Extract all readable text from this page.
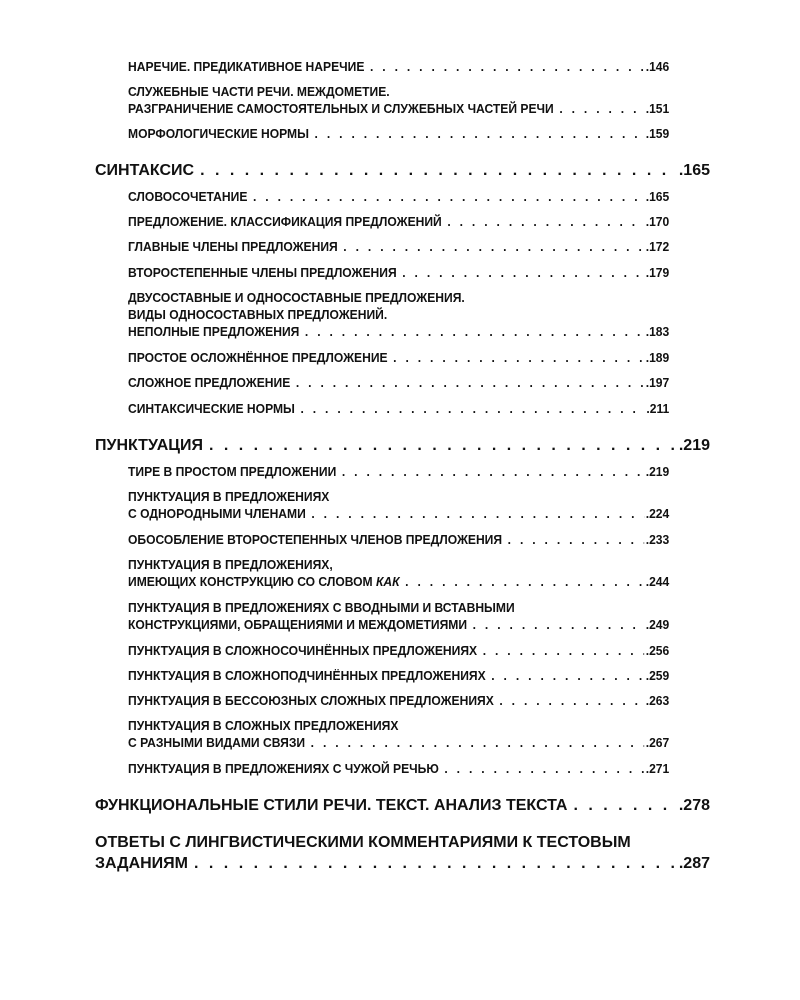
НАРЕЧИЕ. ПРЕДИКАТИВНОЕ НАРЕЧИЕ . . .	.146
СЛУЖЕБНЫЕ ЧАСТИ РЕЧИ. МЕЖДОМЕТИЕ.
РАЗГРАНИЧЕНИЕ САМОСТОЯТЕЛЬНЫХ И СЛУЖЕБНЫХ ЧАСТЕЙ РЕЧИ . . .	.151
МОРФОЛОГИЧЕСКИЕ НОРМЫ . . .	.159
СИНТАКСИС . . .	.165
СЛОВОСОЧЕТАНИЕ . . .	.165
ПРЕДЛОЖЕНИЕ. КЛАССИФИКАЦИЯ ПРЕДЛОЖЕНИЙ . . .	.170
ГЛАВНЫЕ ЧЛЕНЫ ПРЕДЛОЖЕНИЯ . . .	.172
ВТОРОСТЕПЕННЫЕ ЧЛЕНЫ ПРЕДЛОЖЕНИЯ . . .	.179
ДВУСОСТАВНЫЕ И ОДНОСОСТАВНЫЕ ПРЕДЛОЖЕНИЯ.
ВИДЫ ОДНОСОСТАВНЫХ ПРЕДЛОЖЕНИЙ.
НЕПОЛНЫЕ ПРЕДЛОЖЕНИЯ . . .	.183
ПРОСТОЕ ОСЛОЖНЁННОЕ ПРЕДЛОЖЕНИЕ . . .	.189
СЛОЖНОЕ ПРЕДЛОЖЕНИЕ . . .	.197
СИНТАКСИЧЕСКИЕ НОРМЫ . . .	.211
ПУНКТУАЦИЯ . . .	.219
ТИРЕ В ПРОСТОМ ПРЕДЛОЖЕНИИ . . .	.219
ПУНКТУАЦИЯ В ПРЕДЛОЖЕНИЯХ
С ОДНОРОДНЫМИ ЧЛЕНАМИ . . .	.224
ОБОСОБЛЕНИЕ ВТОРОСТЕПЕННЫХ ЧЛЕНОВ ПРЕДЛОЖЕНИЯ . . .	.233
ПУНКТУАЦИЯ В ПРЕДЛОЖЕНИЯХ,
ИМЕЮЩИХ КОНСТРУКЦИЮ СО СЛОВОМ
КАК . . .	.244
ПУНКТУАЦИЯ В ПРЕДЛОЖЕНИЯХ С ВВОДНЫМИ И ВСТАВНЫМИ
КОНСТРУКЦИЯМИ, ОБРАЩЕНИЯМИ И МЕЖДОМЕТИЯМИ . . .	.249
ПУНКТУАЦИЯ В СЛОЖНОСОЧИНЁННЫХ ПРЕДЛОЖЕНИЯХ . . .	.256
ПУНКТУАЦИЯ В СЛОЖНОПОДЧИНЁННЫХ ПРЕДЛОЖЕНИЯХ . . .	.259
ПУНКТУАЦИЯ В БЕССОЮЗНЫХ СЛОЖНЫХ ПРЕДЛОЖЕНИЯХ . . .	.263
ПУНКТУАЦИЯ В СЛОЖНЫХ ПРЕДЛОЖЕНИЯХ
С РАЗНЫМИ ВИДАМИ СВЯЗИ . . .	.267
ПУНКТУАЦИЯ В ПРЕДЛОЖЕНИЯХ С ЧУЖОЙ РЕЧЬЮ . . .	.271
ФУНКЦИОНАЛЬНЫЕ СТИЛИ РЕЧИ. ТЕКСТ. АНАЛИЗ ТЕКСТА . . .	.278
ОТВЕТЫ С ЛИНГВИСТИЧЕСКИМИ КОММЕНТАРИЯМИ К ТЕСТОВЫМ
ЗАДАНИЯМ . . .	.287
